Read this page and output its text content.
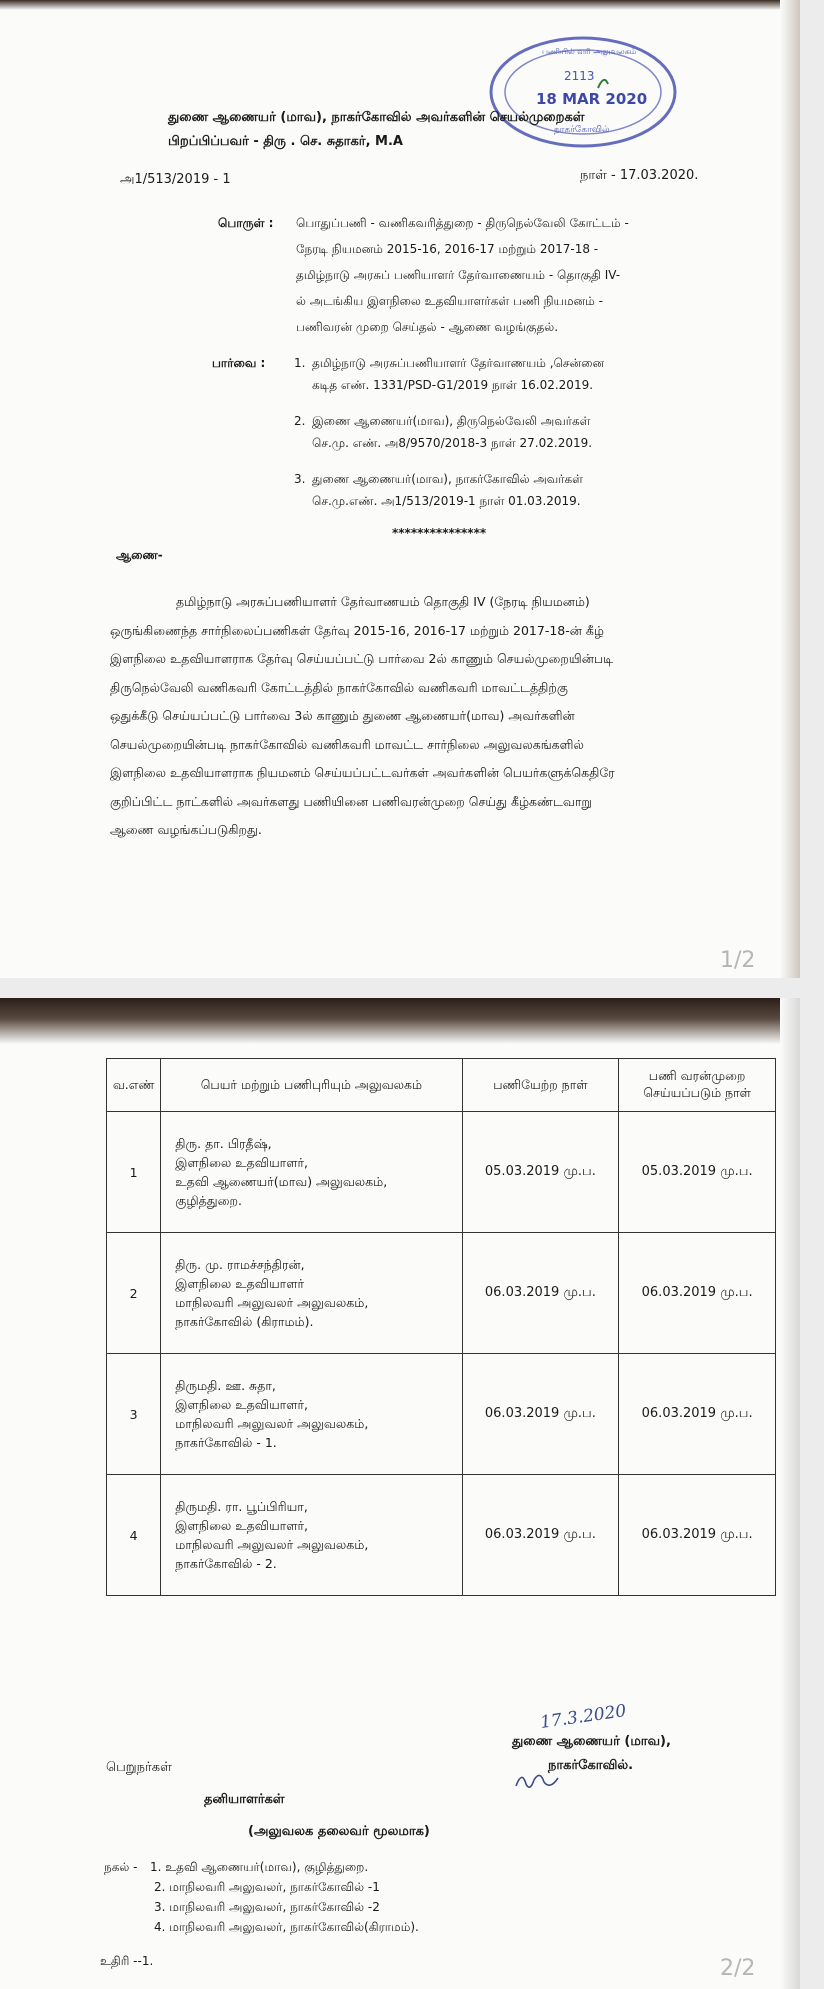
பணியில் வரி அலுவலகம்
2113
18 MAR 2020
நாகர்கோவில்
துணை ஆணையர் (மாவ), நாகர்கோவில் அவர்களின் செயல்முறைகள்
பிறப்பிப்பவர் - திரு . செ. சுதாகர், M.A
அ1/513/2019 - 1	நாள் - 17.03.2020.
பொருள் : பொதுப்பணி - வணிகவரித்துறை - திருநெல்வேலி கோட்டம் -
நேரடி நியமனம் 2015-16, 2016-17 மற்றும் 2017-18 -
தமிழ்நாடு அரசுப் பணியாளர் தேர்வாணையம் - தொகுதி IV-
ல் அடங்கிய இளநிலை உதவியாளர்கள் பணி நியமனம் -
பணிவரன் முறை செய்தல் - ஆணை வழங்குதல்.
பார்வை : 1. தமிழ்நாடு அரசுப்பணியாளர் தேர்வாணயம் ,சென்னை
கடித எண். 1331/PSD-G1/2019 நாள் 16.02.2019.
2. இணை ஆணையர்(மாவ), திருநெல்வேலி அவர்கள்
செ.மு. எண். அ8/9570/2018-3 நாள் 27.02.2019.
3. துணை ஆணையர்(மாவ), நாகர்கோவில் அவர்கள்
செ.மு.எண். அ1/513/2019-1 நாள் 01.03.2019.
***************
ஆணை-
தமிழ்நாடு அரசுப்பணியாளர் தேர்வாணயம் தொகுதி IV (நேரடி நியமனம்)
ஒருங்கிணைந்த சார்நிலைப்பணிகள் தேர்வு 2015-16, 2016-17 மற்றும் 2017-18-ன் கீழ்
இளநிலை உதவியாளராக தேர்வு செய்யப்பட்டு பார்வை 2ல் காணும் செயல்முறையின்படி
திருநெல்வேலி வணிகவரி கோட்டத்தில் நாகர்கோவில் வணிகவரி மாவட்டத்திற்கு
ஒதுக்கீடு செய்யப்பட்டு பார்வை 3ல் காணும் துணை ஆணையர்(மாவ) அவர்களின்
செயல்முறையின்படி நாகர்கோவில் வணிகவரி மாவட்ட சார்நிலை அலுவலகங்களில்
இளநிலை உதவியாளராக நியமனம் செய்யப்பட்டவர்கள் அவர்களின் பெயர்களுக்கெதிரே
குறிப்பிட்ட நாட்களில் அவர்களது பணியினை பணிவரன்முறை செய்து கீழ்கண்டவாறு
ஆணை வழங்கப்படுகிறது.
1/2
வ.எண்	பெயர் மற்றும் பணிபுரியும் அலுவலகம்	பணியேற்ற நாள்	பணி வரன்முறை செய்யப்படும் நாள்
1	திரு. தா. பிரதீஷ்,
இளநிலை உதவியாளர்,
உதவி ஆணையர்(மாவ) அலுவலகம்,
குழித்துறை.	05.03.2019 மு.ப.	05.03.2019 மு.ப.
2	திரு. மு. ராமச்சந்திரன்,
இளநிலை உதவியாளர்
மாநிலவரி அலுவலர் அலுவலகம்,
நாகர்கோவில் (கிராமம்).	06.03.2019 மு.ப.	06.03.2019 மு.ப.
3	திருமதி. ஊ. சுதா,
இளநிலை உதவியாளர்,
மாநிலவரி அலுவலர் அலுவலகம்,
நாகர்கோவில் - 1.	06.03.2019 மு.ப.	06.03.2019 மு.ப.
4	திருமதி. ரா. பூப்பிரியா,
இளநிலை உதவியாளர்,
மாநிலவரி அலுவலர் அலுவலகம்,
நாகர்கோவில் - 2.	06.03.2019 மு.ப.	06.03.2019 மு.ப.
17.3.2020
துணை ஆணையர் (மாவ),
நாகர்கோவில்.
பெறுநர்கள்
தனியாளர்கள்
(அலுவலக தலைவர் மூலமாக)
நகல் - 1. உதவி ஆணையர்(மாவ), குழித்துறை.
2. மாநிலவரி அலுவலர், நாகர்கோவில் -1
3. மாநிலவரி அலுவலர், நாகர்கோவில் -2
4. மாநிலவரி அலுவலர், நாகர்கோவில்(கிராமம்).
உதிரி --1.	2/2
